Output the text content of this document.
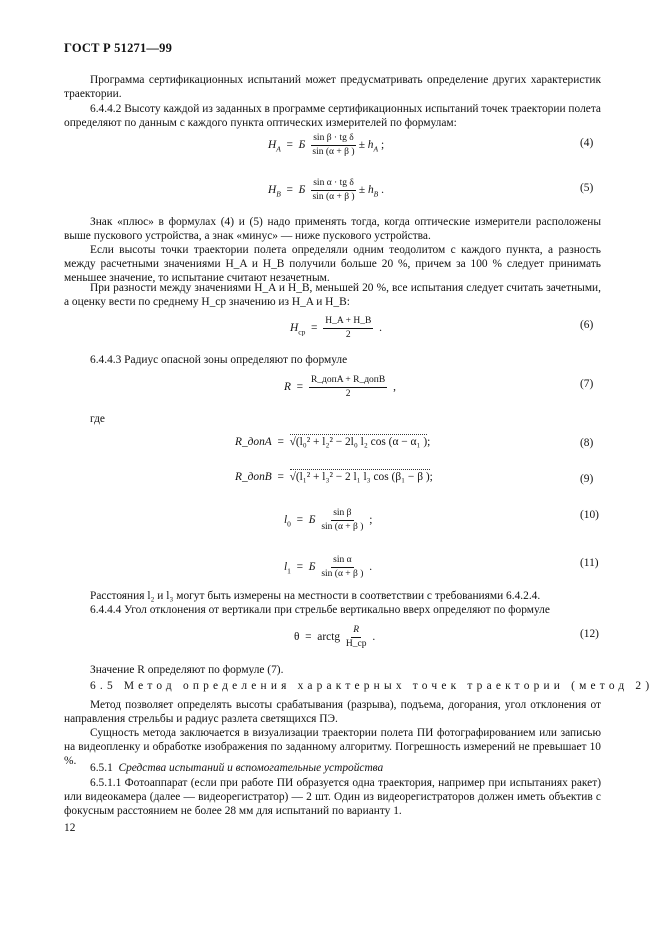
ГОСТ Р 51271—99
Программа сертификационных испытаний может предусматривать определение других характеристик траектории.
6.4.4.2 Высоту каждой из заданных в программе сертификационных испытаний точек траектории полета определяют по данным с каждого пункта оптических измерителей по формулам:
$H_A = Б \frac{\text{sin β · tg δ}}{\sin (\alpha + \beta )} \pm h_A$ ;	(4)
$H_B = Б \frac{\text{sin α · tg δ}}{\sin (\alpha + \beta )} \pm h_B$ .	(5)
Знак «плюс» в формулах (4) и (5) надо применять тогда, когда оптические измерители расположены выше пускового устройства, а знак «минус» — ниже пускового устройства.
Если высоты точки траектории полета определяли одним теодолитом с каждого пункта, а разность между расчетными значениями H_A и H_B получили больше 20 %, причем за 100 % следует принимать меньшее значение, то испытание считают незачетным.
При разности между значениями H_A и H_B, меньшей 20 %, все испытания следует считать зачетными, а оценку вести по среднему H_ср значению из H_A и H_B:
$H_{ср} = \frac{H\_A + H\_B}{2}$ .	(6)
6.4.4.3 Радиус опасной зоны определяют по формуле
$R = \frac{\text{R\_допA + R\_допB}}{2}$ ,	(7)
где
R_допA  =  √(l₀² + l₂² − 2l₀ l₂ cos (α − α₁ );	(8)
R_допB  =  √(l₁² + l₃² − 2 l₁ l₃ cos (β₁ − β );	(9)
$l_0 = Б \frac{\text{sin β}}{\sin (\alpha + \beta )}$ ;	(10)
$l_1 = Б \frac{\text{sin α}}{\sin (\alpha + \beta )}$ .	(11)
Расстояния l₂ и l₃ могут быть измерены на местности в соответствии с требованиями 6.4.2.4.
6.4.4.4 Угол отклонения от вертикали при стрельбе вертикально вверх определяют по формуле
θ  =  arctg $\frac{R}{H\_ср}$ .	(12)
Значение R определяют по формуле (7).
6.5 Метод определения характерных точек траектории (метод 2)
Метод позволяет определять высоты срабатывания (разрыва), подъема, догорания, угол отклонения от направления стрельбы и радиус разлета светящихся ПЭ.
Сущность метода заключается в визуализации траектории полета ПИ фотографированием или записью на видеопленку и обработке изображения по заданному алгоритму. Погрешность измерений не превышает 10 %.
6.5.1 Средства испытаний и вспомогательные устройства
6.5.1.1 Фотоаппарат (если при работе ПИ образуется одна траектория, например при испытаниях ракет) или видеокамера (далее — видеорегистратор) — 2 шт. Один из видеорегистраторов должен иметь объектив с фокусным расстоянием не более 28 мм для испытаний по варианту 1.
12
